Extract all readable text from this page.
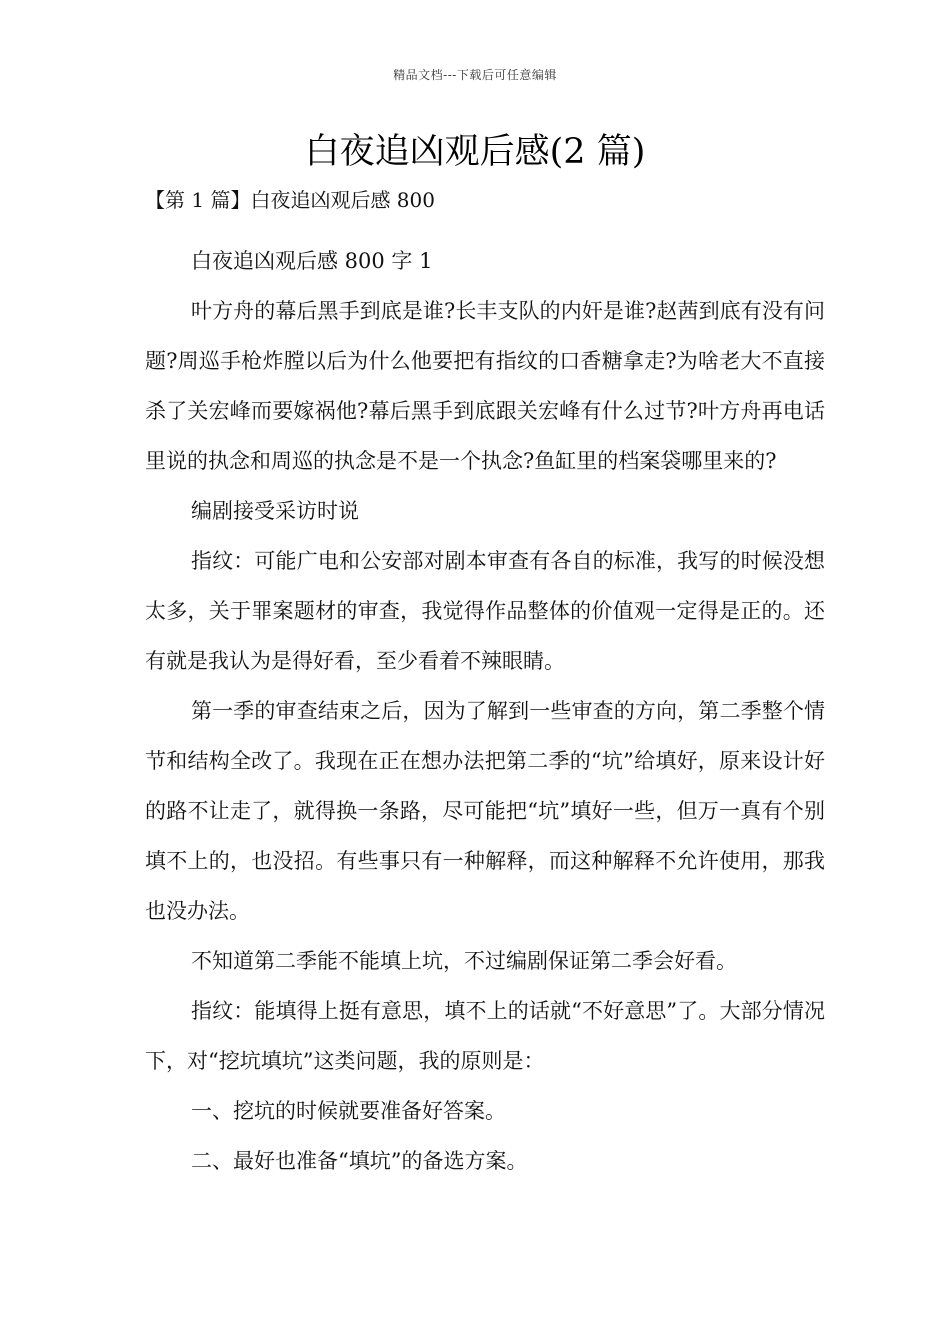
精品文档---下载后可任意编辑
白夜追凶观后感(2 篇)
【第 1 篇】白夜追凶观后感 800

白夜追凶观后感 800 字 1

叶方舟的幕后黑手到底是谁?长丰支队的内奸是谁?赵茜到底有没有问题?周巡手枪炸膛以后为什么他要把有指纹的口香糖拿走?为啥老大不直接杀了关宏峰而要嫁祸他?幕后黑手到底跟关宏峰有什么过节?叶方舟再电话里说的执念和周巡的执念是不是一个执念?鱼缸里的档案袋哪里来的?

编剧接受采访时说

指纹：可能广电和公安部对剧本审查有各自的标准，我写的时候没想太多，关于罪案题材的审查，我觉得作品整体的价值观一定得是正的。还有就是我认为是得好看，至少看着不辣眼睛。

第一季的审查结束之后，因为了解到一些审查的方向，第二季整个情节和结构全改了。我现在正在想办法把第二季的“坑”给填好，原来设计好的路不让走了，就得换一条路，尽可能把“坑”填好一些，但万一真有个别填不上的，也没招。有些事只有一种解释，而这种解释不允许使用，那我也没办法。

不知道第二季能不能填上坑，不过编剧保证第二季会好看。

指纹：能填得上挺有意思，填不上的话就“不好意思”了。大部分情况下，对“挖坑填坑”这类问题，我的原则是：

一、挖坑的时候就要准备好答案。

二、最好也准备“填坑”的备选方案。
